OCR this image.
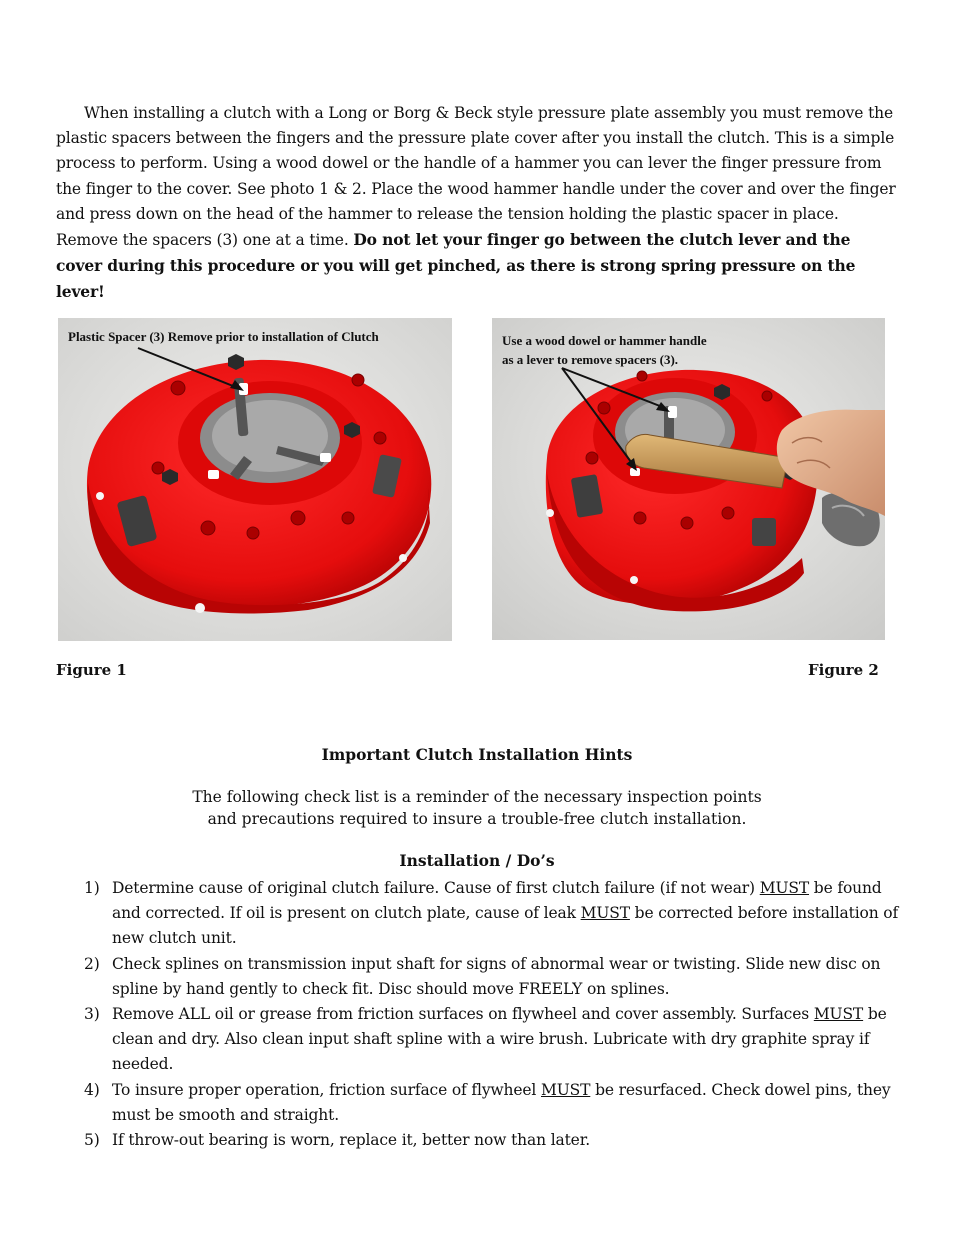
When installing a clutch with a Long or Borg & Beck style pressure plate assembly you must remove the plastic spacers between the fingers and the pressure plate cover after you install the clutch. This is a simple process to perform. Using a wood dowel or the handle of a hammer you can lever the finger pressure from the finger to the cover. See photo 1 & 2. Place the wood hammer handle under the cover and over the finger and press down on the head of the hammer to release the tension holding the plastic spacer in place. Remove the spacers (3) one at a time. Do not let your finger go between the clutch lever and the cover during this procedure or you will get pinched, as there is strong spring pressure on the lever!

Plastic Spacer (3) Remove prior to installation of Clutch	Use a wood dowel or hammer handle
as a lever to remove spacers (3).

Figure 1	Figure 2

Important Clutch Installation Hints

The following check list is a reminder of the necessary inspection points
and precautions required to insure a trouble-free clutch installation.

Installation / Do’s

1) Determine cause of original clutch failure. Cause of first clutch failure (if not wear) MUST be found and corrected. If oil is present on clutch plate, cause of leak MUST be corrected before installation of new clutch unit.
2) Check splines on transmission input shaft for signs of abnormal wear or twisting. Slide new disc on spline by hand gently to check fit. Disc should move FREELY on splines.
3) Remove ALL oil or grease from friction surfaces on flywheel and cover assembly. Surfaces MUST be clean and dry. Also clean input shaft spline with a wire brush. Lubricate with dry graphite spray if needed.
4) To insure proper operation, friction surface of flywheel MUST be resurfaced. Check dowel pins, they must be smooth and straight.
5) If throw-out bearing is worn, replace it, better now than later.
